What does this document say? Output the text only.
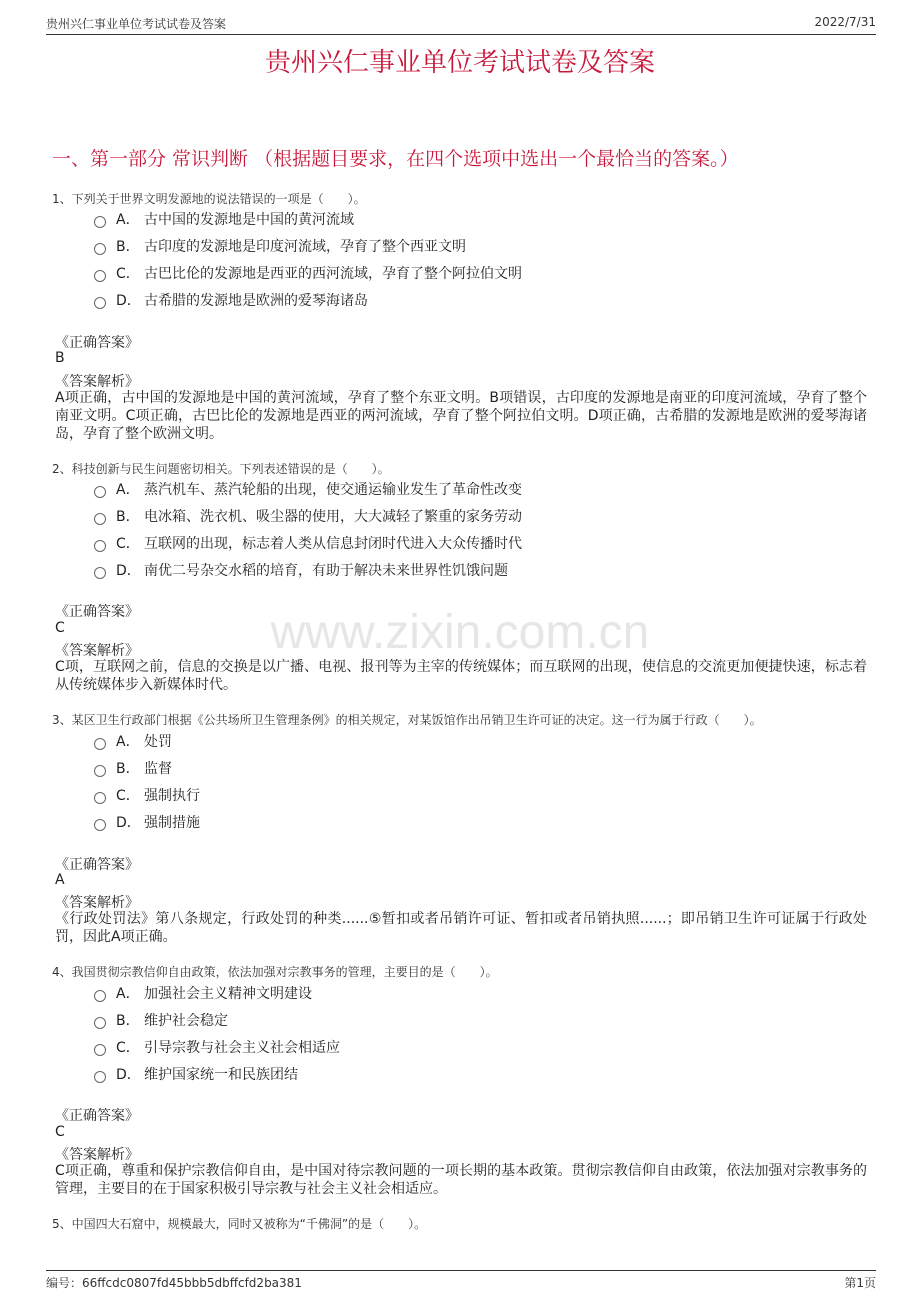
贵州兴仁事业单位考试试卷及答案	2022/7/31
贵州兴仁事业单位考试试卷及答案
一、第一部分 常识判断 （根据题目要求，在四个选项中选出一个最恰当的答案。）
www.zixin.com.cn
1、下列关于世界文明发源地的说法错误的一项是（　　）。
A． 古中国的发源地是中国的黄河流域
B． 古印度的发源地是印度河流域，孕育了整个西亚文明
C． 古巴比伦的发源地是西亚的西河流域，孕育了整个阿拉伯文明
D． 古希腊的发源地是欧洲的爱琴海诸岛
《正确答案》
B
《答案解析》
A项正确，古中国的发源地是中国的黄河流域，孕育了整个东亚文明。B项错误，古印度的发源地是南亚的印度河流域，孕育了整个南亚文明。C项正确，古巴比伦的发源地是西亚的两河流域，孕育了整个阿拉伯文明。D项正确，古希腊的发源地是欧洲的爱琴海诸岛，孕育了整个欧洲文明。
2、科技创新与民生问题密切相关。下列表述错误的是（　　）。
A． 蒸汽机车、蒸汽轮船的出现，使交通运输业发生了革命性改变
B． 电冰箱、洗衣机、吸尘器的使用，大大减轻了繁重的家务劳动
C． 互联网的出现，标志着人类从信息封闭时代进入大众传播时代
D． 南优二号杂交水稻的培育，有助于解决未来世界性饥饿问题
《正确答案》
C
《答案解析》
C项，互联网之前，信息的交换是以广播、电视、报刊等为主宰的传统媒体；而互联网的出现，使信息的交流更加便捷快速，标志着从传统媒体步入新媒体时代。
3、某区卫生行政部门根据《公共场所卫生管理条例》的相关规定，对某饭馆作出吊销卫生许可证的决定。这一行为属于行政（　　）。
A． 处罚
B． 监督
C． 强制执行
D． 强制措施
《正确答案》
A
《答案解析》
《行政处罚法》第八条规定，行政处罚的种类......⑤暂扣或者吊销许可证、暂扣或者吊销执照......；即吊销卫生许可证属于行政处罚，因此A项正确。
4、我国贯彻宗教信仰自由政策，依法加强对宗教事务的管理，主要目的是（　　）。
A． 加强社会主义精神文明建设
B． 维护社会稳定
C． 引导宗教与社会主义社会相适应
D． 维护国家统一和民族团结
《正确答案》
C
《答案解析》
C项正确，尊重和保护宗教信仰自由，是中国对待宗教问题的一项长期的基本政策。贯彻宗教信仰自由政策，依法加强对宗教事务的管理，主要目的在于国家积极引导宗教与社会主义社会相适应。
5、中国四大石窟中，规模最大，同时又被称为“千佛洞”的是（　　）。
编号：66ffcdc0807fd45bbb5dbffcfd2ba381	第1页
